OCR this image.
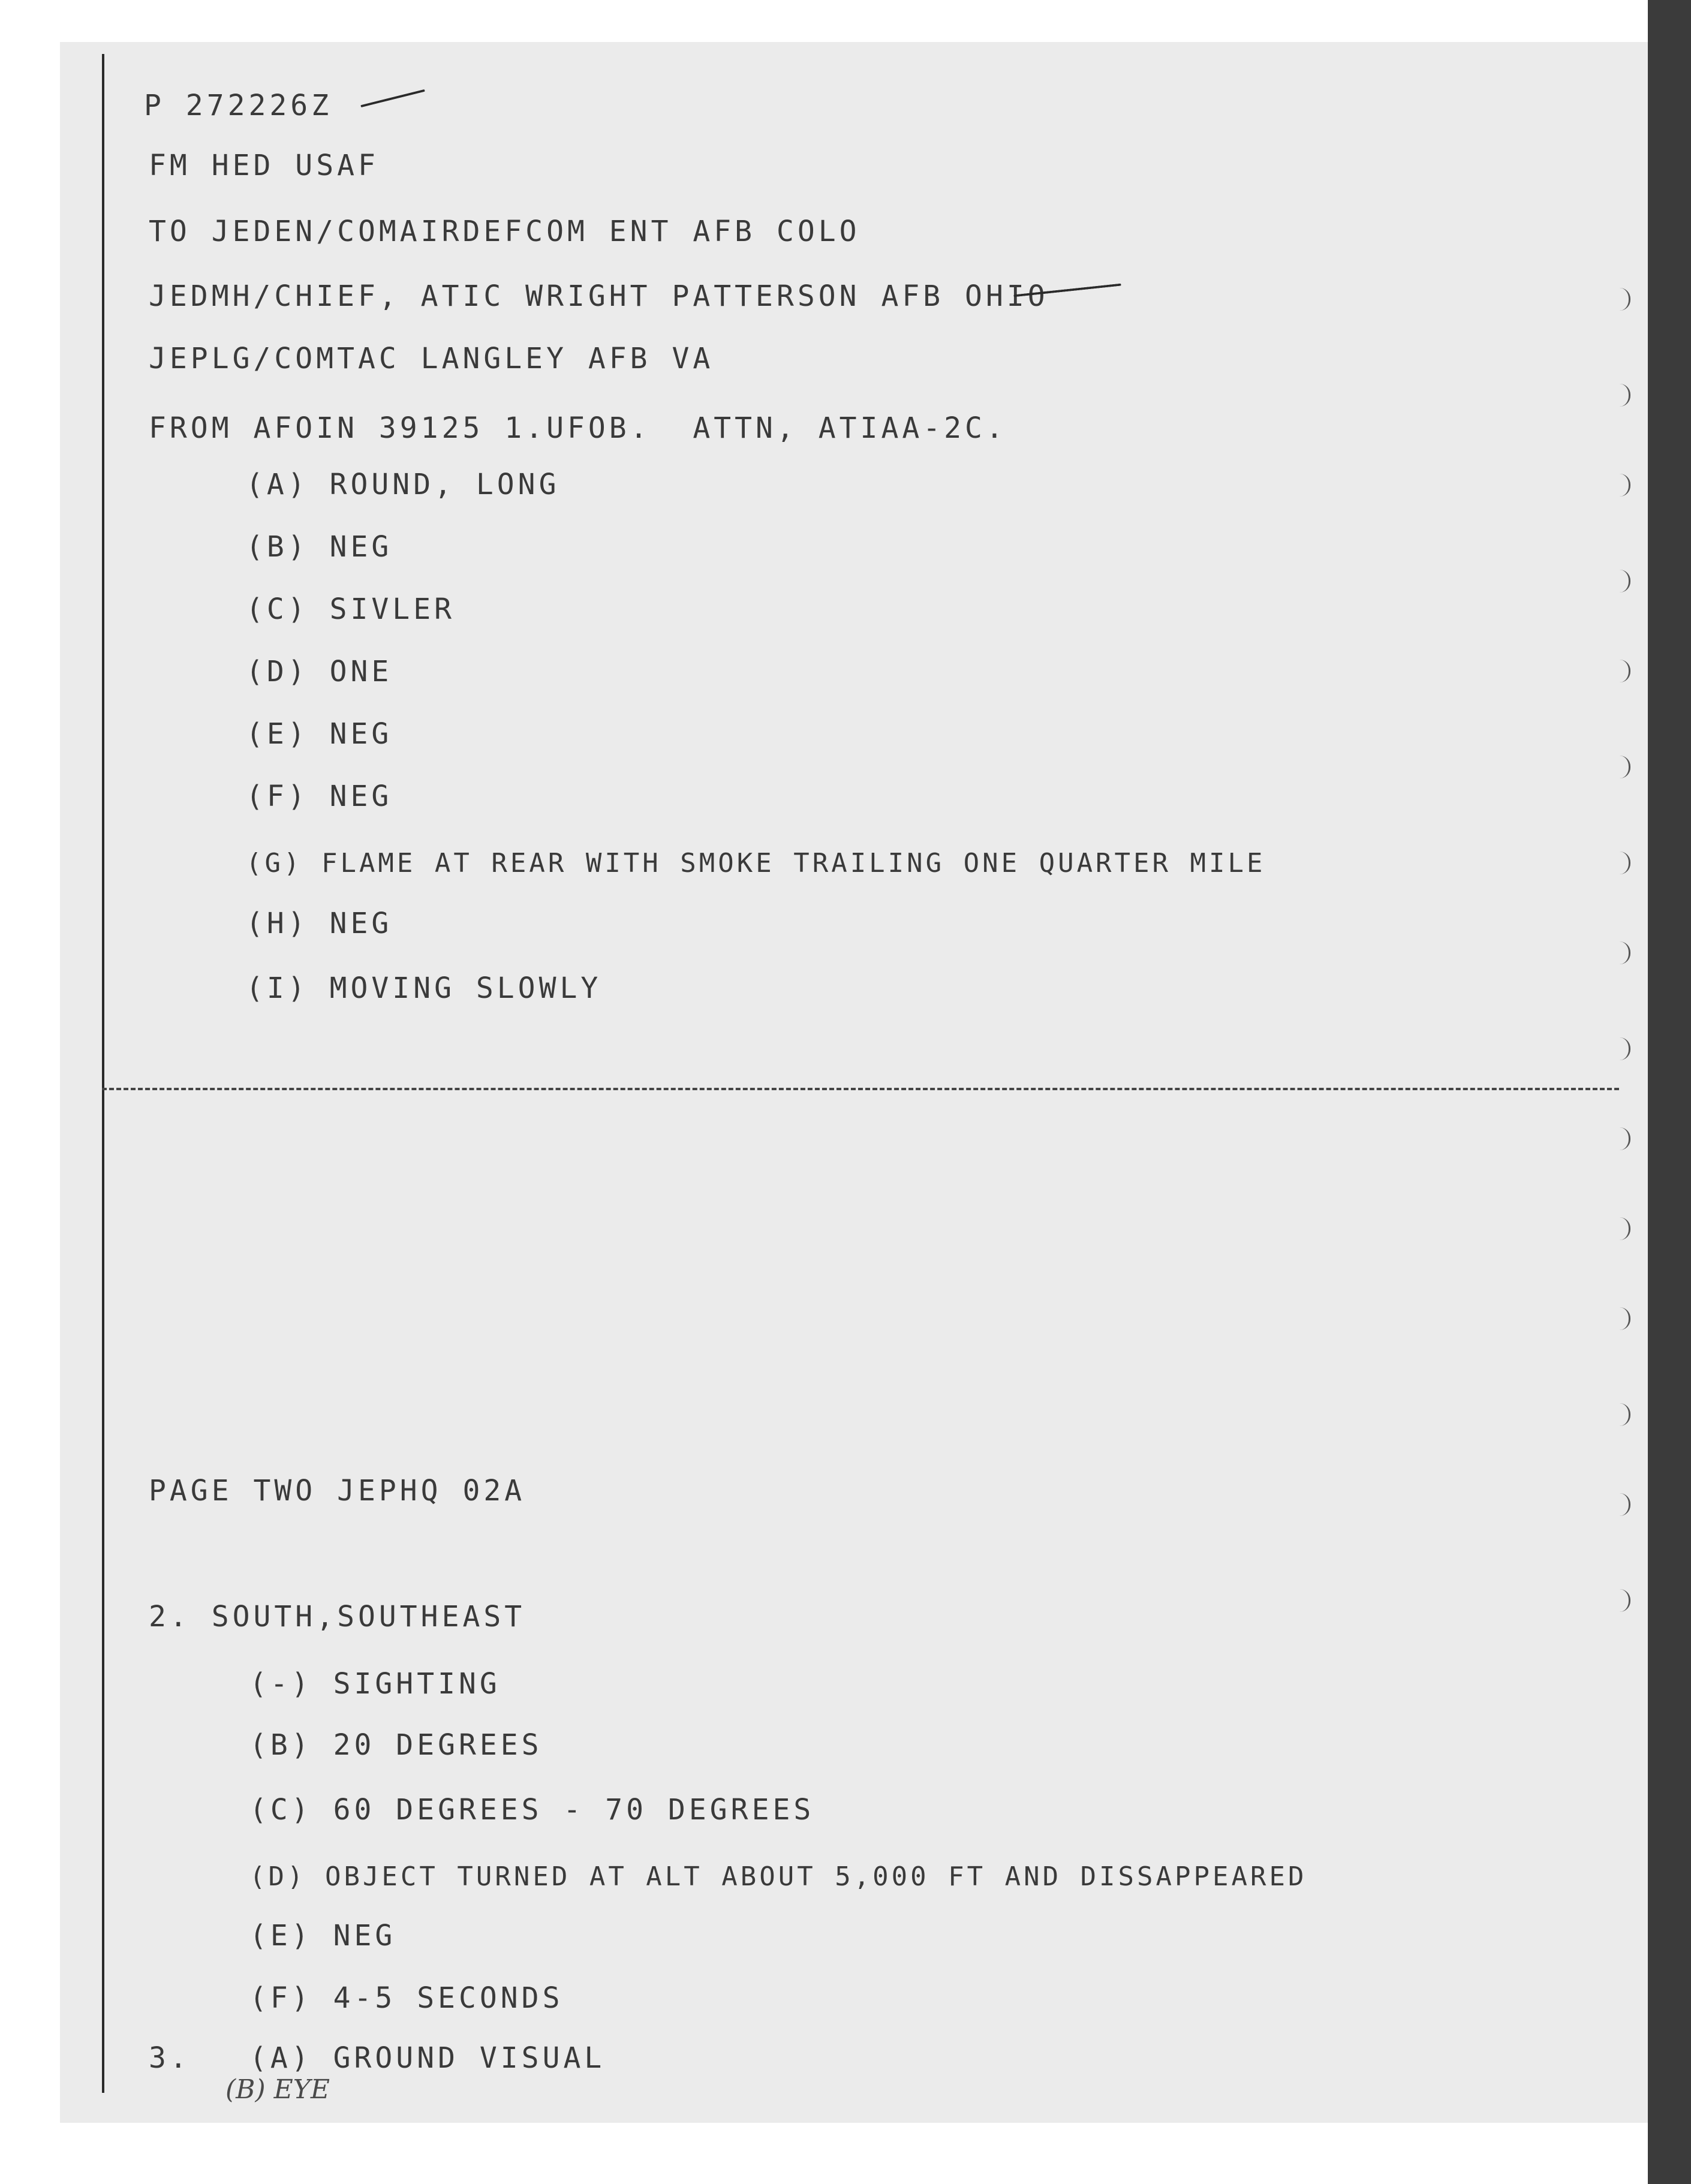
P 272226Z
FM HED USAF
TO JEDEN/COMAIRDEFCOM ENT AFB COLO
JEDMH/CHIEF, ATIC WRIGHT PATTERSON AFB OHIO
JEPLG/COMTAC LANGLEY AFB VA
FROM AFOIN 39125 1.UFOB.  ATTN, ATIAA-2C.
(A) ROUND, LONG
(B) NEG
(C) SIVLER
(D) ONE
(E) NEG
(F) NEG
(G) FLAME AT REAR WITH SMOKE TRAILING ONE QUARTER MILE
(H) NEG
(I) MOVING SLOWLY
PAGE TWO JEPHQ 02A
2. SOUTH,SOUTHEAST
(-) SIGHTING
(B) 20 DEGREES
(C) 60 DEGREES - 70 DEGREES
(D) OBJECT TURNED AT ALT ABOUT 5,000 FT AND DISSAPPEARED
(E) NEG
(F) 4-5 SECONDS
3. (A) GROUND VISUAL
(B) EYE
